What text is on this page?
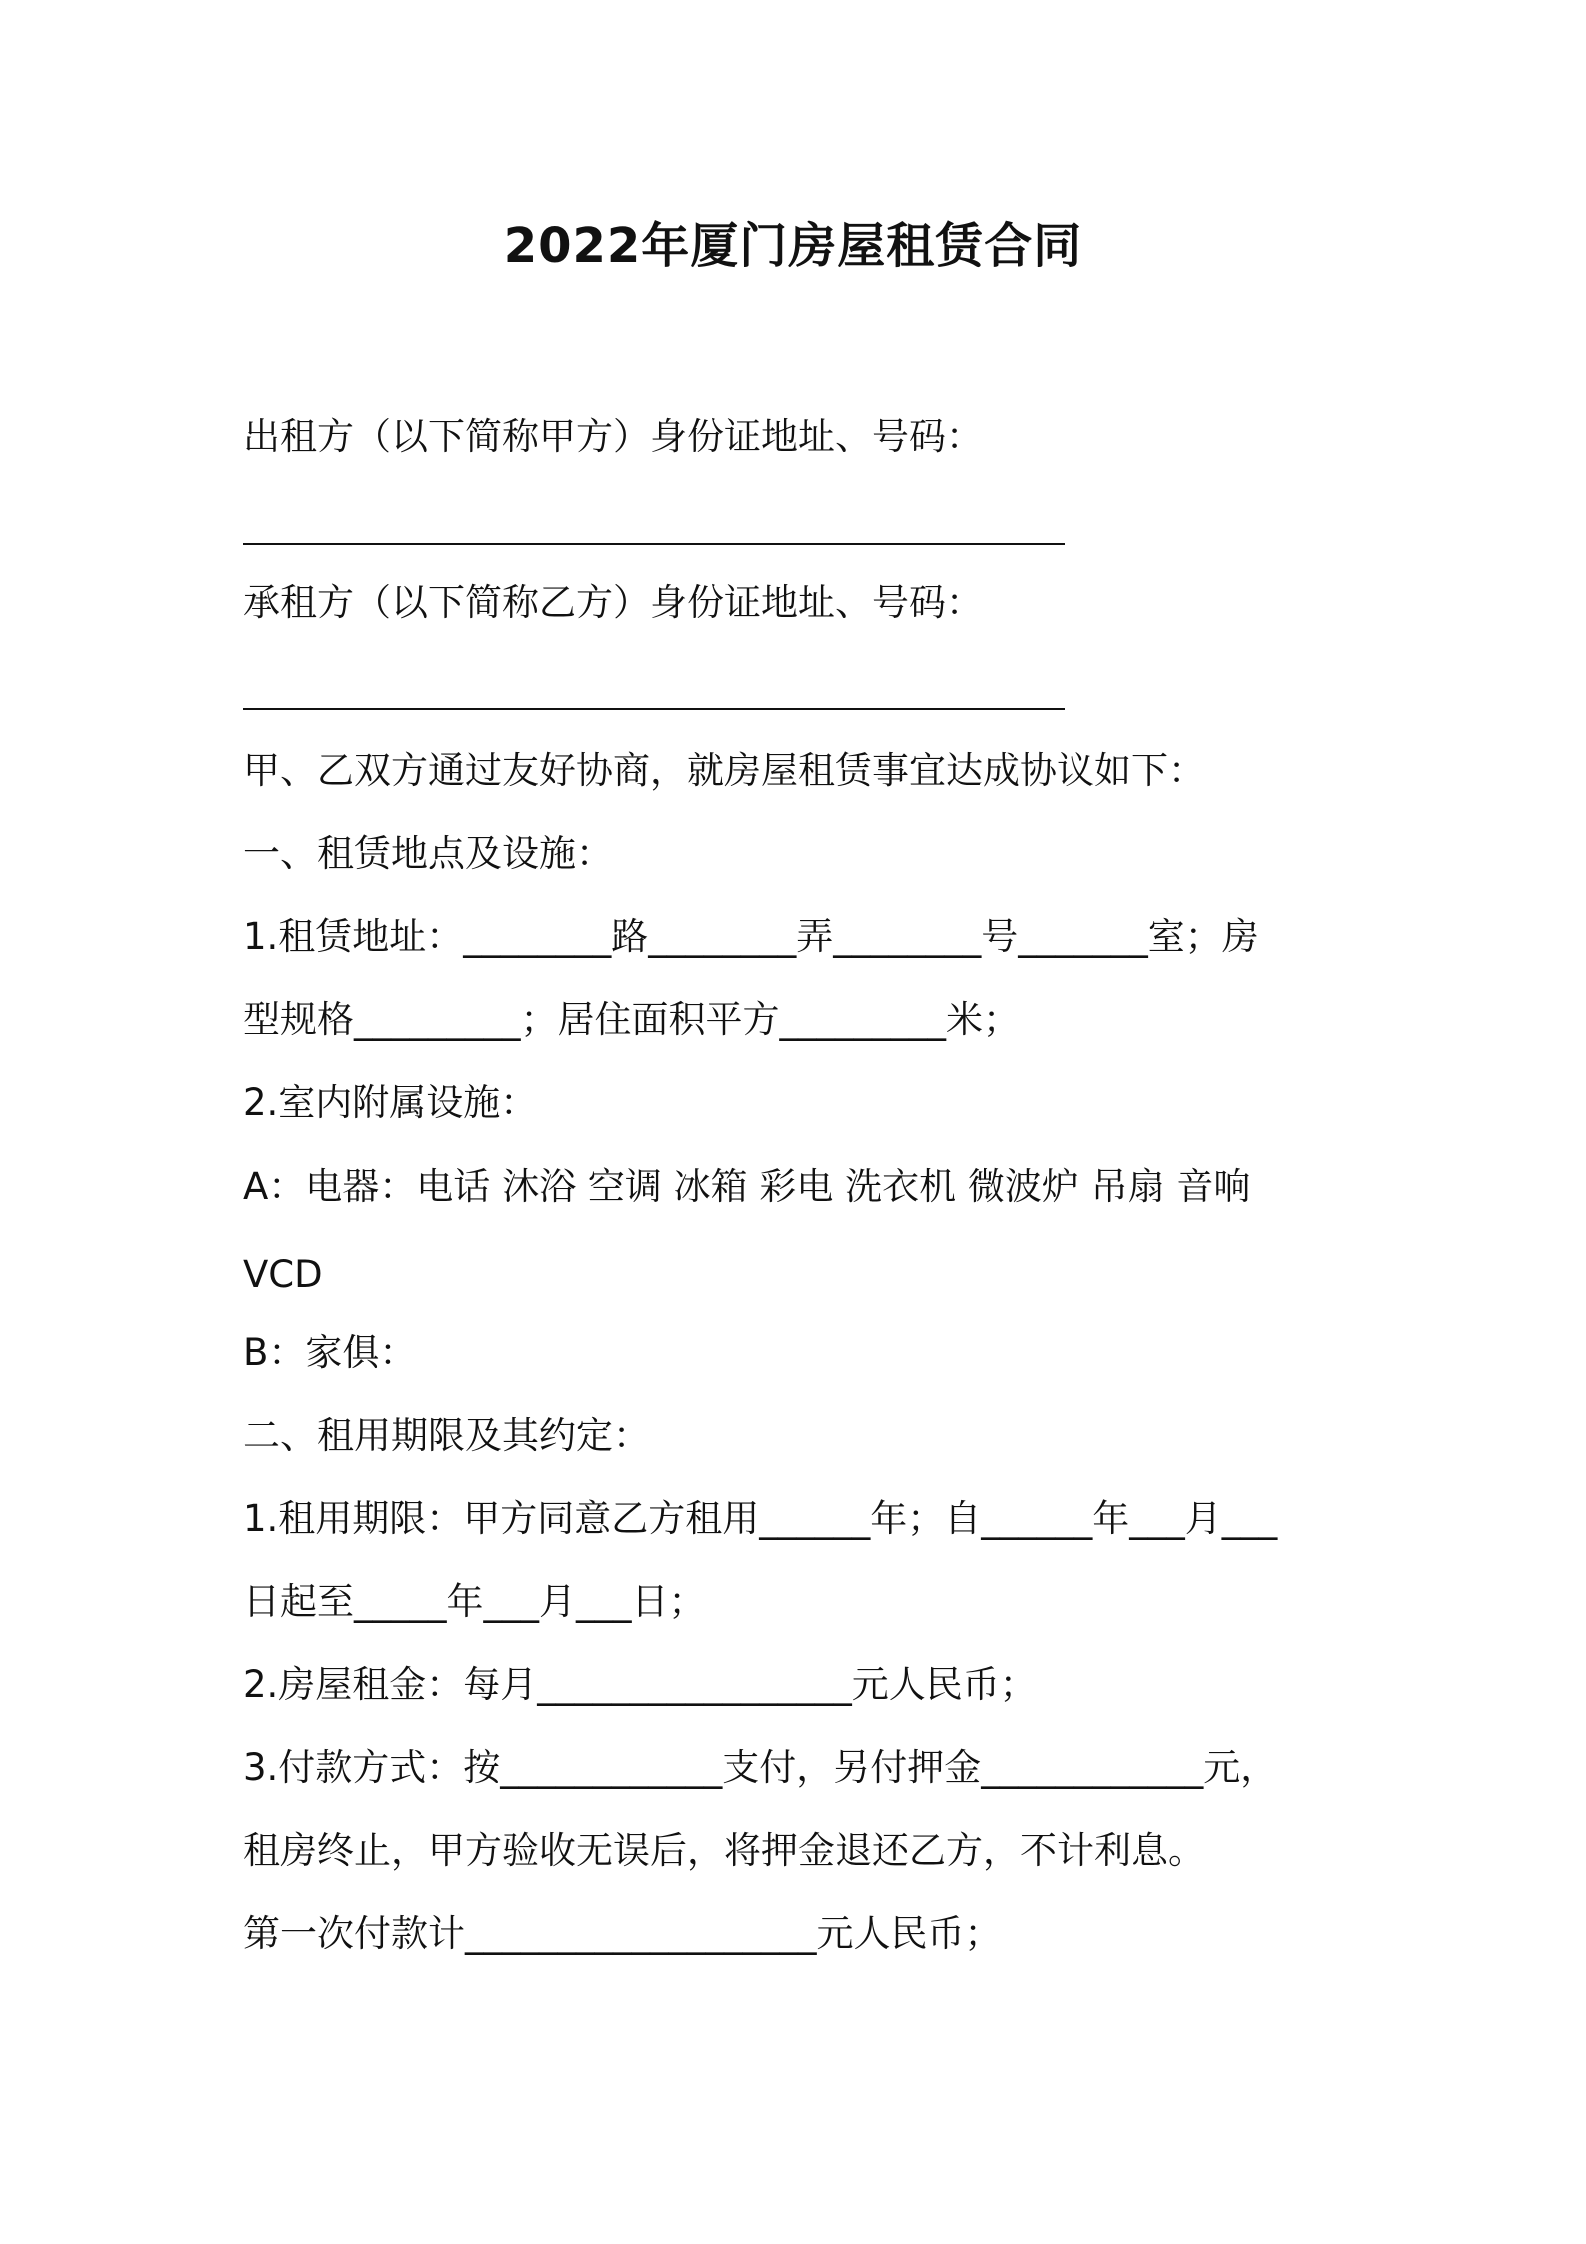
2022年厦门房屋租赁合同
出租方（以下简称甲方）身份证地址、号码：
承租方（以下简称乙方）身份证地址、号码：
甲、乙双方通过友好协商，就房屋租赁事宜达成协议如下：
一、租赁地点及设施：
1.租赁地址：________路________弄________号_______室；房
型规格_________；居住面积平方_________米；
2.室内附属设施：
A：电器：电话 沐浴 空调 冰箱 彩电 洗衣机 微波炉 吊扇 音响
VCD
B：家俱：
二、租用期限及其约定：
1.租用期限：甲方同意乙方租用______年；自______年___月___
日起至_____年___月___日；
2.房屋租金：每月_________________元人民币；
3.付款方式：按____________支付，另付押金____________元，
租房终止，甲方验收无误后，将押金退还乙方，不计利息。
第一次付款计___________________元人民币；
